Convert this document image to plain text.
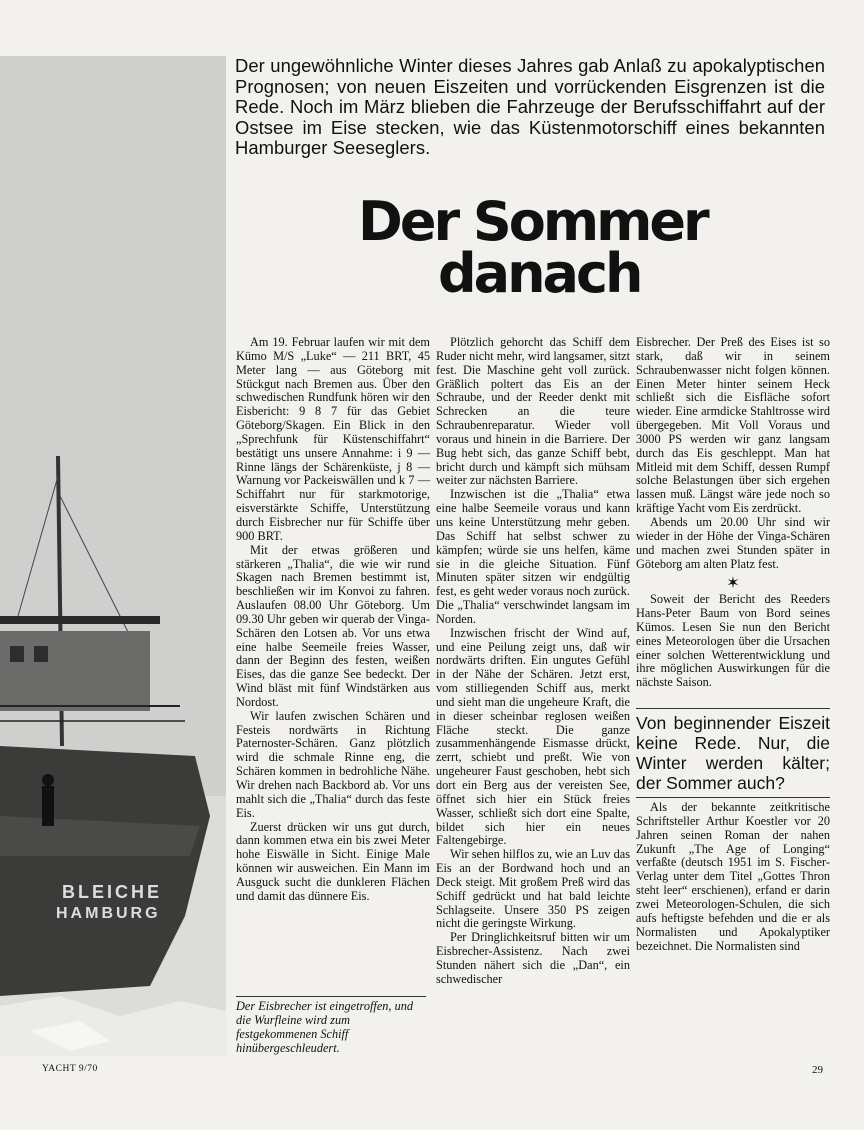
BLEICHE
HAMBURG
Der ungewöhnliche Winter dieses Jahres gab Anlaß zu apokalyptischen Prognosen; von neuen Eiszeiten und vorrückenden Eisgrenzen ist die Rede. Noch im März blieben die Fahrzeuge der Berufsschiffahrt auf der Ostsee im Eise stecken, wie das Küstenmotorschiff eines bekannten Hamburger Seeseglers.
Der Sommer
danach

Am 19. Februar laufen wir mit dem Kümo M/S „Luke“ — 211 BRT, 45 Meter lang — aus Göteborg mit Stückgut nach Bremen aus. Über den schwedischen Rundfunk hören wir den Eisbericht: 9 8 7 für das Gebiet Göteborg/Skagen. Ein Blick in den „Sprechfunk für Küstenschiffahrt“ bestätigt uns unsere Annahme: i 9 — Rinne längs der Schärenküste, j 8 — Warnung vor Packeiswällen und k 7 — Schiffahrt nur für starkmotorige, eisverstärkte Schiffe, Unterstützung durch Eisbrecher nur für Schiffe über 900 BRT.

Mit der etwas größeren und stärkeren „Thalia“, die wie wir rund Skagen nach Bremen bestimmt ist, beschließen wir im Konvoi zu fahren. Auslaufen 08.00 Uhr Göteborg. Um 09.30 Uhr geben wir querab der Vinga-Schären den Lotsen ab. Vor uns etwa eine halbe Seemeile freies Wasser, dann der Beginn des festen, weißen Eises, das die ganze See bedeckt. Der Wind bläst mit fünf Windstärken aus Nordost.

Wir laufen zwischen Schären und Festeis nordwärts in Richtung Paternoster-Schären. Ganz plötzlich wird die schmale Rinne eng, die Schären kommen in bedrohliche Nähe. Wir drehen nach Backbord ab. Vor uns mahlt sich die „Thalia“ durch das feste Eis.

Zuerst drücken wir uns gut durch, dann kommen etwa ein bis zwei Meter hohe Eiswälle in Sicht. Einige Male können wir ausweichen. Ein Mann im Ausguck sucht die dunkleren Flächen und damit das dünnere Eis.

Der Eisbrecher ist eingetroffen, und die Wurfleine wird zum festgekommenen Schiff hinübergeschleudert.

Plötzlich gehorcht das Schiff dem Ruder nicht mehr, wird langsamer, sitzt fest. Die Maschine geht voll zurück. Gräßlich poltert das Eis an der Schraube, und der Reeder denkt mit Schrecken an die teure Schraubenreparatur. Wieder voll voraus und hinein in die Barriere. Der Bug hebt sich, das ganze Schiff bebt, bricht durch und kämpft sich mühsam weiter zur nächsten Barriere.

Inzwischen ist die „Thalia“ etwa eine halbe Seemeile voraus und kann uns keine Unterstützung mehr geben. Das Schiff hat selbst schwer zu kämpfen; würde sie uns helfen, käme sie in die gleiche Situation. Fünf Minuten später sitzen wir endgültig fest, es geht weder voraus noch zurück. Die „Thalia“ verschwindet langsam im Norden.

Inzwischen frischt der Wind auf, und eine Peilung zeigt uns, daß wir nordwärts driften. Ein ungutes Gefühl in der Nähe der Schären. Jetzt erst, vom stilliegenden Schiff aus, merkt und sieht man die ungeheure Kraft, die in dieser scheinbar reglosen weißen Fläche steckt. Die ganze zusammenhängende Eismasse drückt, zerrt, schiebt und preßt. Wie von ungeheurer Faust geschoben, hebt sich dort ein Berg aus der vereisten See, öffnet sich hier ein Stück freies Wasser, schließt sich dort eine Spalte, bildet sich hier ein neues Faltengebirge.

Wir sehen hilflos zu, wie an Luv das Eis an der Bordwand hoch und an Deck steigt. Mit großem Preß wird das Schiff gedrückt und hat bald leichte Schlagseite. Unsere 350 PS zeigen nicht die geringste Wirkung.

Per Dringlichkeitsruf bitten wir um Eisbrecher-Assistenz. Nach zwei Stunden nähert sich die „Dan“, ein schwedischer

Eisbrecher. Der Preß des Eises ist so stark, daß wir in seinem Schraubenwasser nicht folgen können. Einen Meter hinter seinem Heck schließt sich die Eisfläche sofort wieder. Eine armdicke Stahltrosse wird übergegeben. Mit Voll Voraus und 3000 PS werden wir ganz langsam durch das Eis geschleppt. Man hat Mitleid mit dem Schiff, dessen Rumpf solche Belastungen über sich ergehen lassen muß. Längst wäre jede noch so kräftige Yacht vom Eis zerdrückt.

Abends um 20.00 Uhr sind wir wieder in der Höhe der Vinga-Schären und machen zwei Stunden später in Göteborg am alten Platz fest.

✶

Soweit der Bericht des Reeders Hans-Peter Baum von Bord seines Kümos. Lesen Sie nun den Bericht eines Meteorologen über die Ursachen einer solchen Wetterentwicklung und ihre möglichen Auswirkungen für die nächste Saison.

Von beginnender Eiszeit keine Rede. Nur, die Winter werden kälter; der Sommer auch?

Als der bekannte zeitkritische Schriftsteller Arthur Koestler vor 20 Jahren seinen Roman der nahen Zukunft „The Age of Longing“ verfaßte (deutsch 1951 im S. Fischer-Verlag unter dem Titel „Gottes Thron steht leer“ erschienen), erfand er darin zwei Meteorologen-Schulen, die sich aufs heftigste befehden und die er als Normalisten und Apokalyptiker bezeichnet. Die Normalisten sind

YACHT 9/70	29
